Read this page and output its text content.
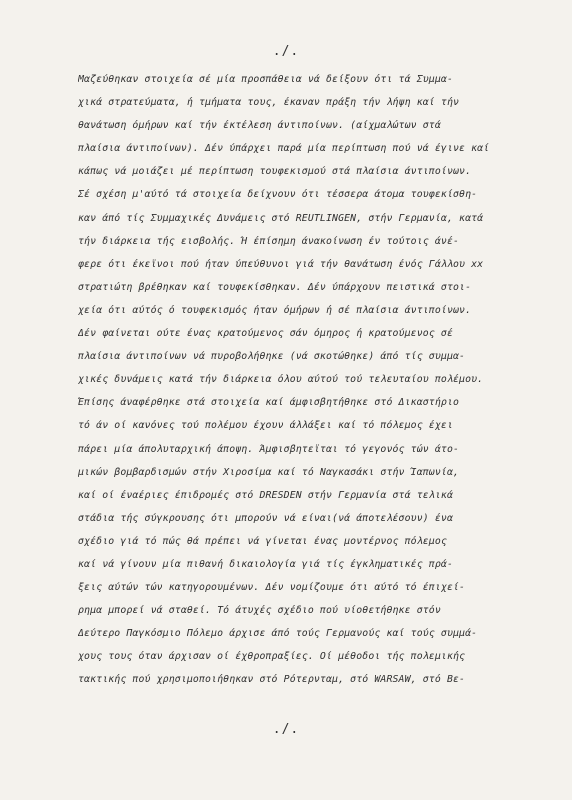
./.
Μαζεύθηκαν στοιχεία σέ μία προσπάθεια νά δείξουν ότι τά Συμμα-
χικά στρατεύματα, ή τμήματα τους, έκαναν πράξη τήν λήψη καί τήν
θανάτωση όμήρων καί τήν έκτέλεση άντιποίνων. (αίχμαλώτων στά
πλαίσια άντιποίνων). Δέν ύπάρχει παρά μία περίπτωση πού νά έγινε καί
κάπως νά μοιάζει μέ περίπτωση τουφεκισμού στά πλαίσια άντιποίνων.
Σέ σχέση μ'αύτό τά στοιχεία δείχνουν ότι τέσσερα άτομα τουφεκίσθη-
καν άπό τίς Συμμαχικές Δυνάμεις στό REUTLINGEN, στήν Γερμανία, κατά
τήν διάρκεια τής εισβολής. Ή έπίσημη άνακοίνωση έν τούτοις άνέ-
φερε ότι έκεϊνοι πού ήταν ύπεύθυνοι γιά τήν θανάτωση ένός Γάλλου xx
στρατιώτη βρέθηκαν καί τουφεκίσθηκαν. Δέν ύπάρχουν πειστικά στοι-
χεία ότι αύτός ό τουφεκισμός ήταν όμήρων ή σέ πλαίσια άντιποίνων.
Δέν φαίνεται ούτε ένας κρατούμενος σάν όμηρος ή κρατούμενος σέ
πλαίσια άντιποίνων νά πυροβολήθηκε (νά σκοτώθηκε) άπό τίς συμμα-
χικές δυνάμεις κατά τήν διάρκεια όλου αύτού τού τελευταίου πολέμου.
Έπίσης άναφέρθηκε στά στοιχεία καί άμφισβητήθηκε στό Δικαστήριο
τό άν οί κανόνες τού πολέμου έχουν άλλάξει καί τό πόλεμος έχει
πάρει μία άπολυταρχική άποψη. Άμφισβητεϊται τό γεγονός τών άτο-
μικών βομβαρδισμών στήν Χιροσίμα καί τό Ναγκασάκι στήν Ίαπωνία,
καί οί έναέριες έπιδρομές στό DRESDEN στήν Γερμανία στά τελικά
στάδια τής σύγκρουσης ότι μπορούν νά είναι(νά άποτελέσουν) ένα
σχέδιο γιά τό πώς θά πρέπει νά γίνεται ένας μοντέρνος πόλεμος
καί νά γίνουν μία πιθανή δικαιολογία γιά τίς έγκληματικές πρά-
ξεις αύτών τών κατηγορουμένων. Δέν νομίζουμε ότι αύτό τό έπιχεί-
ρημα μπορεί νά σταθεί. Τό άτυχές σχέδιο πού υίοθετήθηκε στόν
Δεύτερο Παγκόσμιο Πόλεμο άρχισε άπό τούς Γερμανούς καί τούς συμμά-
χους τους όταν άρχισαν οί έχθροπραξίες. Οί μέθοδοι τής πολεμικής
τακτικής πού χρησιμοποιήθηκαν στό Ρότερνταμ, στό WARSAW, στό Βε-
./.
